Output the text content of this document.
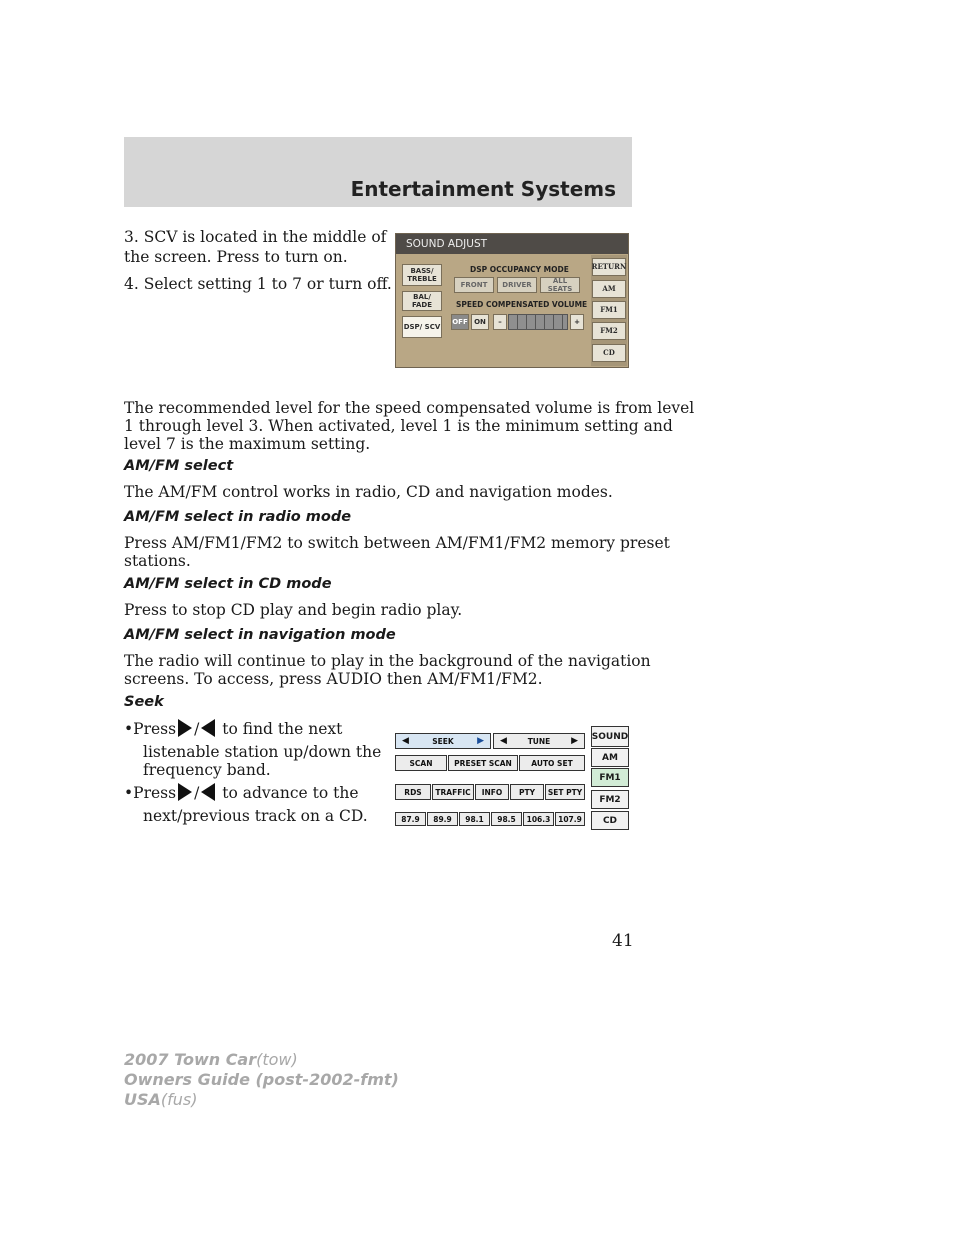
Entertainment Systems
3. SCV is located in the middle of
the screen. Press to turn on.
4. Select setting 1 to 7 or turn off.
SOUND ADJUST
BASS/ TREBLE
BAL/ FADE
DSP/ SCV
DSP OCCUPANCY MODE
FRONT	DRIVER	ALL SEATS
SPEED COMPENSATED VOLUME
OFF ON	–	+
RETURN
AM
FM1
FM2
CD
The recommended level for the speed compensated volume is from level
1 through level 3. When activated, level 1 is the minimum setting and
level 7 is the maximum setting.
AM/FM select
The AM/FM control works in radio, CD and navigation modes.
AM/FM select in radio mode
Press AM/FM1/FM2 to switch between AM/FM1/FM2 memory preset
stations.
AM/FM select in CD mode
Press to stop CD play and begin radio play.
AM/FM select in navigation mode
The radio will continue to play in the background of the navigation
screens. To access, press AUDIO then AM/FM1/FM2.
Seek
•Press / to find the next
listenable station up/down the
frequency band.
•Press / to advance to the
next/previous track on a CD.
◀	SEEK	▶ ◀	TUNE ▶
SCAN	PRESET SCAN	AUTO SET
RDS	TRAFFIC	INFO	PTY	SET PTY
87.9	89.9	98.1	98.5	106.3	107.9
SOUND
AM
FM1
FM2
CD
41
2007 Town Car(tow)
Owners Guide (post-2002-fmt)
USA(fus)
